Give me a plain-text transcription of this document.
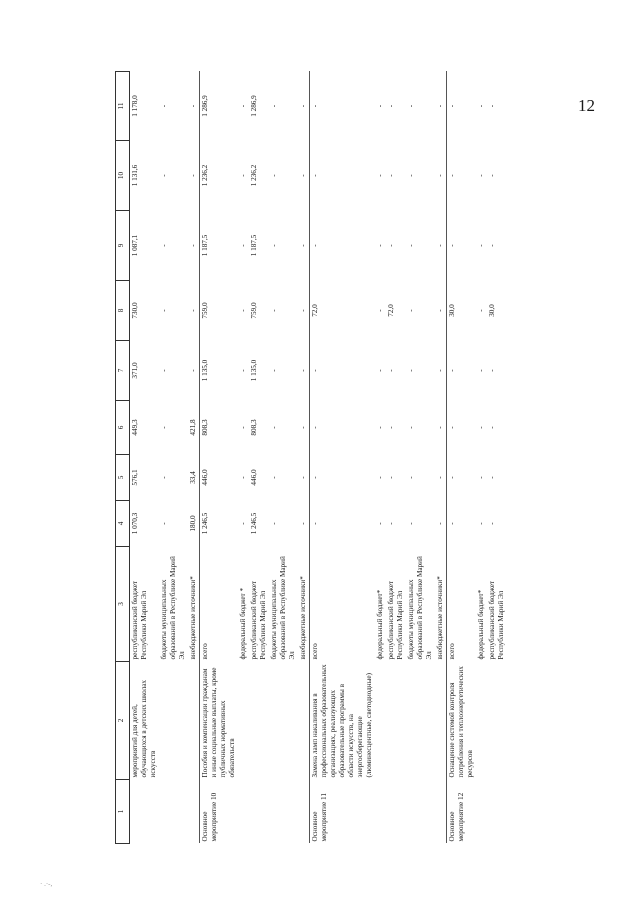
12
1	2	3	4	5	6	7	8	9	10	11
	мероприятий для детей, обучающихся в детских школах искусств	республиканский бюджет Республики Марий Эл	1 070,3	576,1	449,3	371,0	730,0	1 087,1	1 131,6	1 178,0
		бюджеты муниципальных образований в Республике Марий Эл	-	-	-	-	-	-	-	-
		внебюджетные источники*	180,0	33,4	421,8	-	-	-	-	-
Основное мероприятие 10	Пособия и компенсации гражданам и иные социальные выплаты, кроме публичных нормативных обязательств	всего	1 246,5	446,0	808,3	1 135,0	759,0	1 187,5	1 236,2	1 286,9
		федеральный бюджет *	-	-	-	-	-	-	-	-
		республиканский бюджет Республики Марий Эл	1 246,5	446,0	808,3	1 135,0	759,0	1 187,5	1 236,2	1 286,9
		бюджеты муниципальных образований в Республике Марий Эл	-	-	-	-	-	-	-	-
		внебюджетные источники*	-	-	-	-	-	-	-	-
Основное мероприятие 11	Замена ламп накаливания в профессиональных образовательных организациях, реализующих образовательные программы в области искусств, на энергосберегающие (люминесцентные, светодиодные)	всего	-	-	-	-	72,0	-	-	-
		федеральный бюджет*	-	-	-	-	-	-	-	-
		республиканский бюджет Республики Марий Эл	-	-	-	-	72,0	-	-	-
		бюджеты муниципальных образований в Республике Марий Эл	-	-	-	-	-	-	-	-
		внебюджетные источники*	-	-	-	-	-	-	-	-
Основное мероприятие 12	Оснащение системой контроля потребления и теплоэнергетических ресурсов	всего	-	-	-	-	30,0	-	-	-
		федеральный бюджет*	-	-	-	-	-	-	-	-
		республиканский бюджет Республики Марий Эл	-	-	-	-	30,0	-	-	-
· .·-,
